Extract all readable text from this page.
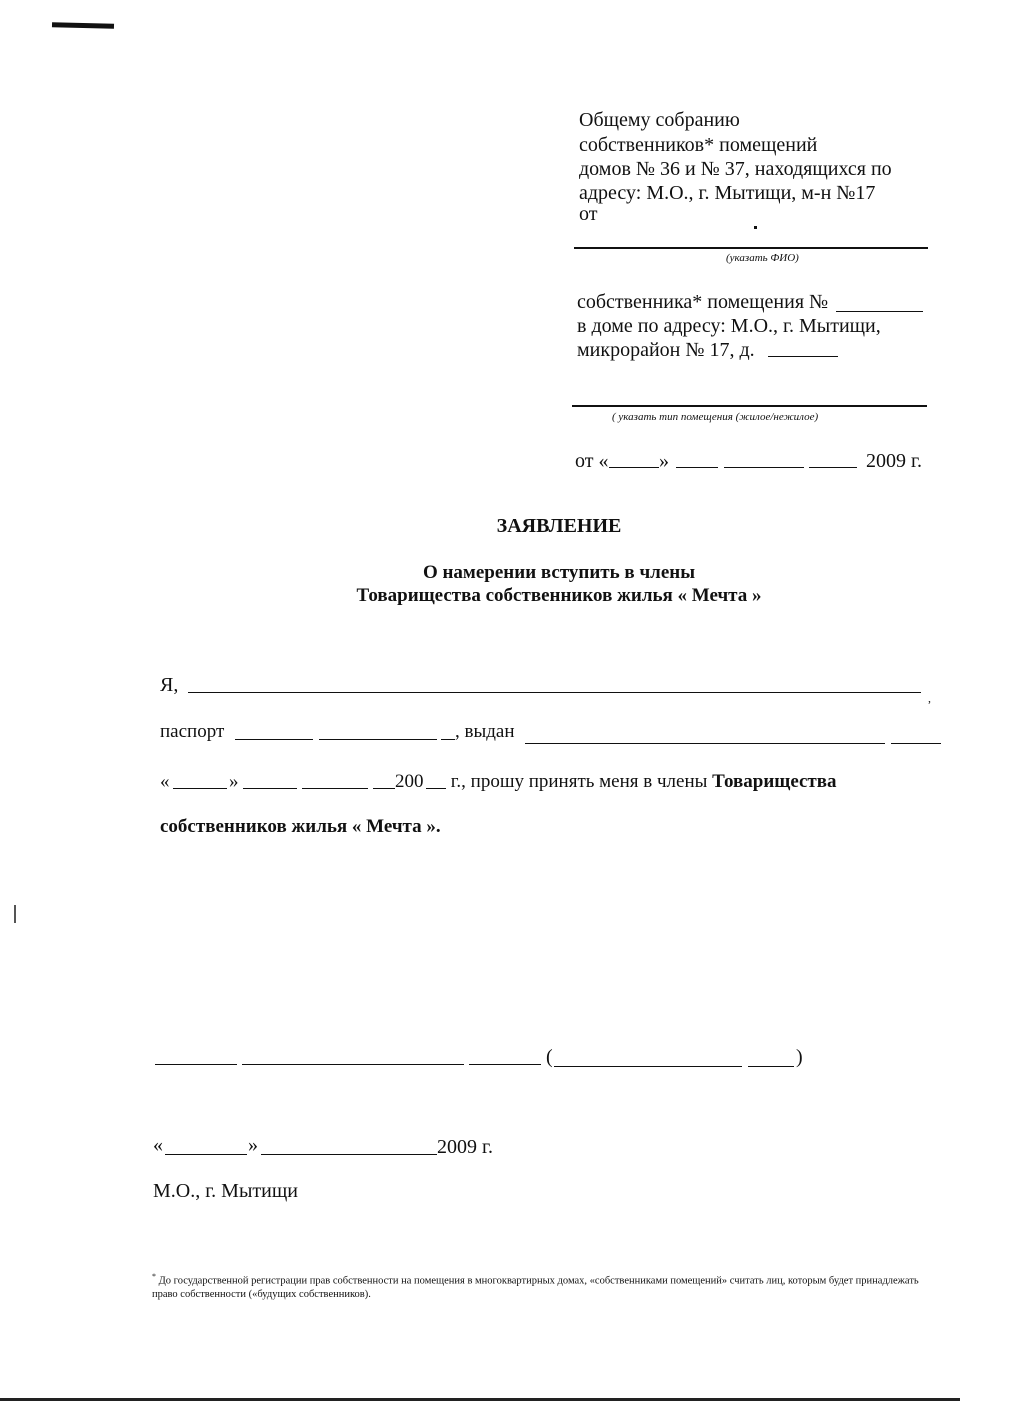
Общему собранию
собственников* помещений
домов № 36 и № 37, находящихся по
адресу: М.О., г. Мытищи, м-н №17
от
(указать ФИО)
собственника* помещения №
в доме по адресу: М.О., г. Мытищи,
микрорайон № 17, д.
( указать тип помещения (жилое/нежилое)
от «	»	2009 г.
ЗАЯВЛЕНИЕ
О намерении вступить в члены
Товарищества собственников жилья « Мечта »
Я,
,
паспорт	, выдан
«	»	200 г., прошу принять меня в члены Товарищества
собственников жилья « Мечта ».
(	)
«	»	2009 г.
М.О., г. Мытищи
* До государственной регистрации прав собственности на помещения в многоквартирных домах, «собственниками помещений» считать лиц, которым будет принадлежать право собственности («будущих собственников).
